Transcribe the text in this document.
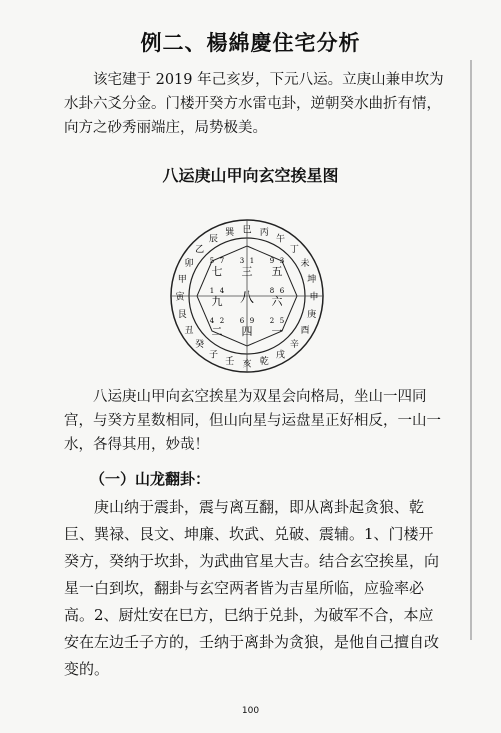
例二、楊綿慶住宅分析
该宅建于 2019 年己亥岁，下元八运。立庚山兼申坎为水卦六爻分金。门楼开癸方水雷屯卦，逆朝癸水曲折有情，向方之砂秀丽端庄，局势极美。
八运庚山甲向玄空挨星图
巳 丙
午
丁
未
坤
申
庚
酉
辛
戌
乾
亥
壬
子
癸
丑
艮
寅
甲
卯
乙
辰
巽
5 7
七
3 1
三
9 3
五
8 6
六
2 5
一
6 9
四
4 2
二
1 4
九 八
八运庚山甲向玄空挨星为双星会向格局，坐山一四同宫，与癸方星数相同，但山向星与运盘星正好相反，一山一水，各得其用，妙哉！
（一）山龙翻卦：
庚山纳于震卦，震与离互翻，即从离卦起贪狼、乾巨、巽禄、艮文、坤廉、坎武、兑破、震辅。1、门楼开癸方，癸纳于坎卦，为武曲官星大吉。结合玄空挨星，向星一白到坎，翻卦与玄空两者皆为吉星所临，应验率必高。2、厨灶安在巳方，巳纳于兑卦，为破军不合，本应安在左边壬子方的，壬纳于离卦为贪狼，是他自己擅自改变的。
100
